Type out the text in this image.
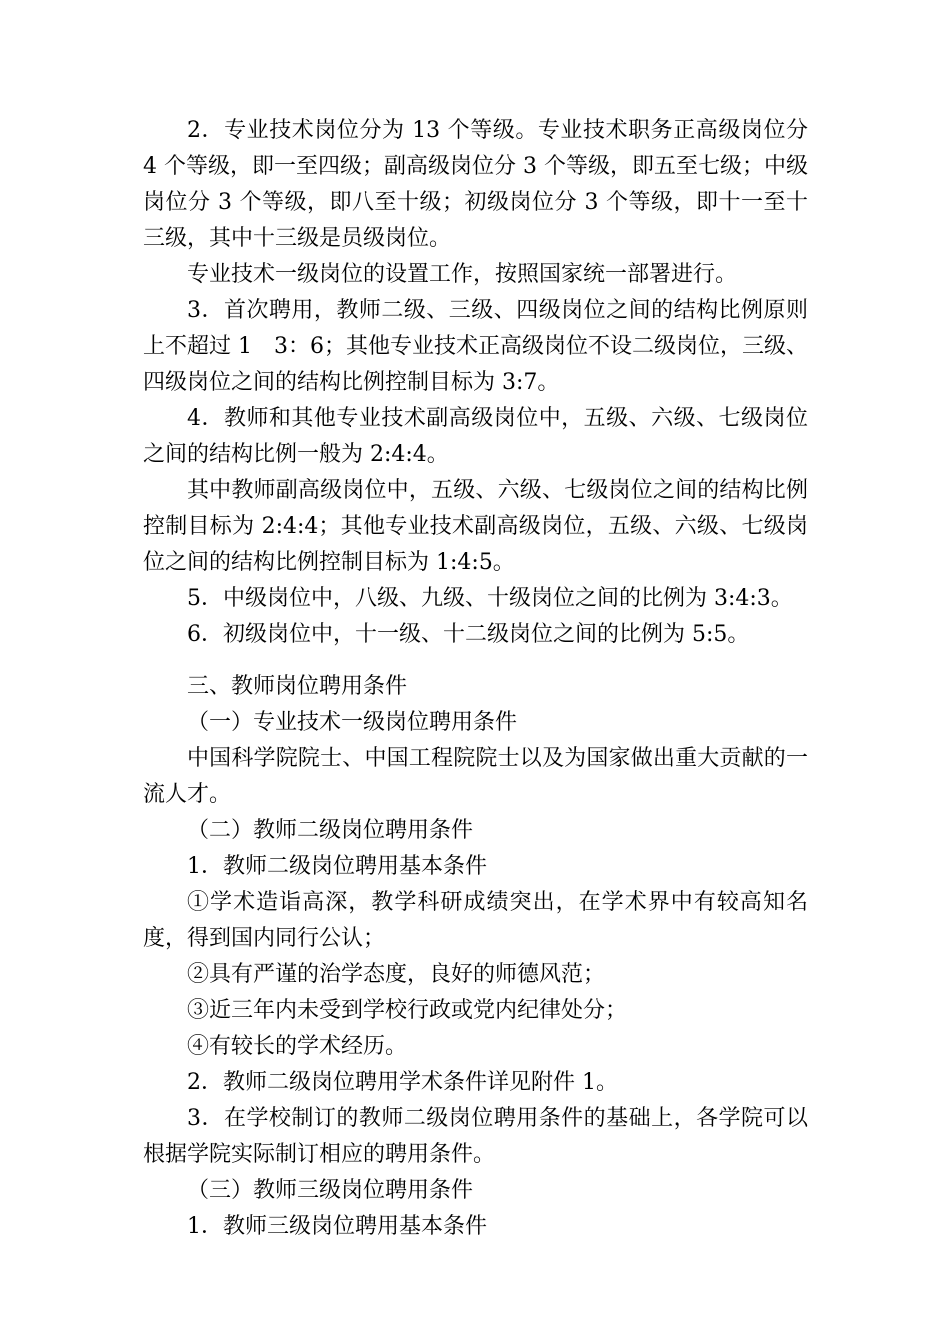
2．专业技术岗位分为 13 个等级。专业技术职务正高级岗位分 4 个等级，即一至四级；副高级岗位分 3 个等级，即五至七级；中级岗位分 3 个等级，即八至十级；初级岗位分 3 个等级，即十一至十三级，其中十三级是员级岗位。

专业技术一级岗位的设置工作，按照国家统一部署进行。

3．首次聘用，教师二级、三级、四级岗位之间的结构比例原则上不超过 1　3：6；其他专业技术正高级岗位不设二级岗位，三级、四级岗位之间的结构比例控制目标为 3:7。

4．教师和其他专业技术副高级岗位中，五级、六级、七级岗位之间的结构比例一般为 2:4:4。

其中教师副高级岗位中，五级、六级、七级岗位之间的结构比例控制目标为 2:4:4；其他专业技术副高级岗位，五级、六级、七级岗位之间的结构比例控制目标为 1:4:5。

5．中级岗位中，八级、九级、十级岗位之间的比例为 3:4:3。

6．初级岗位中，十一级、十二级岗位之间的比例为 5:5。

三、教师岗位聘用条件

（一）专业技术一级岗位聘用条件

中国科学院院士、中国工程院院士以及为国家做出重大贡献的一流人才。

（二）教师二级岗位聘用条件

1．教师二级岗位聘用基本条件

①学术造诣高深，教学科研成绩突出，在学术界中有较高知名度，得到国内同行公认；

②具有严谨的治学态度，良好的师德风范；

③近三年内未受到学校行政或党内纪律处分；

④有较长的学术经历。

2．教师二级岗位聘用学术条件详见附件 1。

3．在学校制订的教师二级岗位聘用条件的基础上，各学院可以根据学院实际制订相应的聘用条件。

（三）教师三级岗位聘用条件

1．教师三级岗位聘用基本条件
